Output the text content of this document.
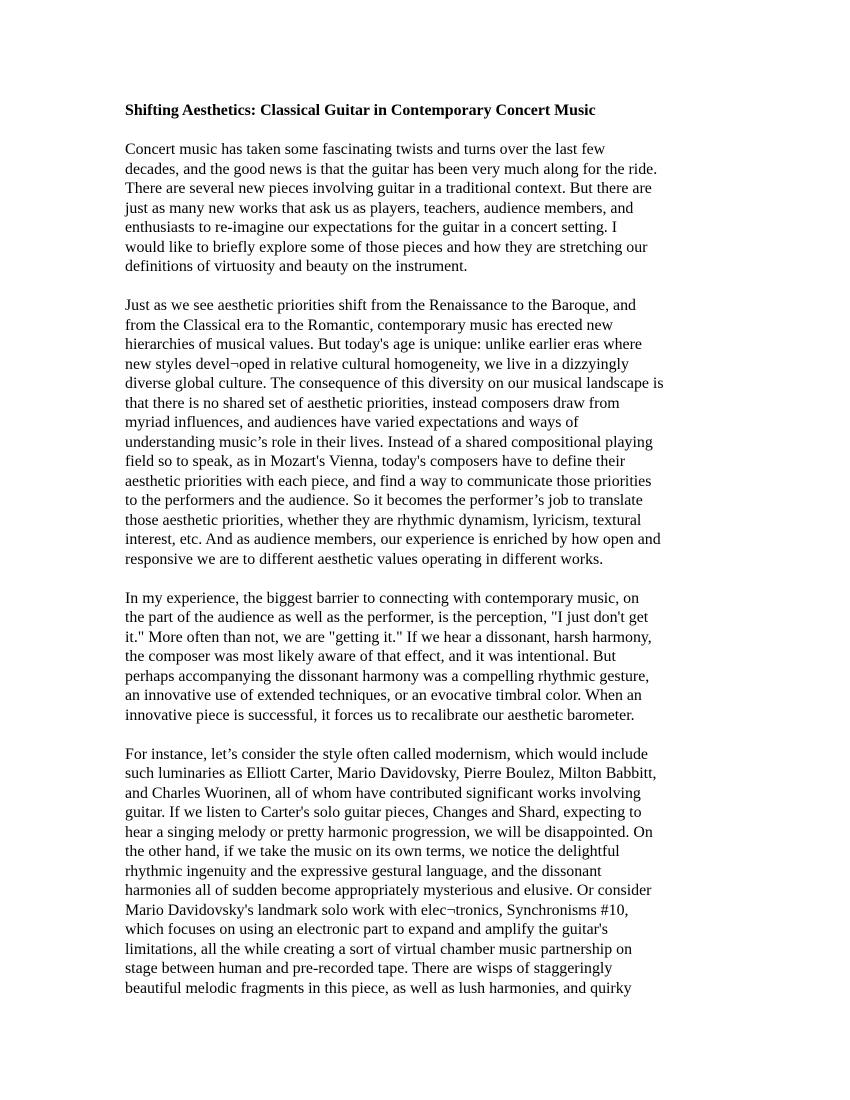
Shifting Aesthetics: Classical Guitar in Contemporary Concert Music
Concert music has taken some fascinating twists and turns over the last few
decades, and the good news is that the guitar has been very much along for the ride.
There are several new pieces involving guitar in a traditional context. But there are
just as many new works that ask us as players, teachers, audience members, and
enthusiasts to re-imagine our expectations for the guitar in a concert setting. I
would like to briefly explore some of those pieces and how they are stretching our
definitions of virtuosity and beauty on the instrument.
Just as we see aesthetic priorities shift from the Renaissance to the Baroque, and
from the Classical era to the Romantic, contemporary music has erected new
hierarchies of musical values. But today's age is unique: unlike earlier eras where
new styles devel¬oped in relative cultural homogeneity, we live in a dizzyingly
diverse global culture. The consequence of this diversity on our musical landscape is
that there is no shared set of aesthetic priorities, instead composers draw from
myriad influences, and audiences have varied expectations and ways of
understanding music’s role in their lives. Instead of a shared compositional playing
field so to speak, as in Mozart's Vienna, today's composers have to define their
aesthetic priorities with each piece, and find a way to communicate those priorities
to the performers and the audience. So it becomes the performer’s job to translate
those aesthetic priorities, whether they are rhythmic dynamism, lyricism, textural
interest, etc. And as audience members, our experience is enriched by how open and
responsive we are to different aesthetic values operating in different works.
In my experience, the biggest barrier to connecting with contemporary music, on
the part of the audience as well as the performer, is the perception, "I just don't get
it." More often than not, we are "getting it." If we hear a dissonant, harsh harmony,
the composer was most likely aware of that effect, and it was intentional. But
perhaps accompanying the dissonant harmony was a compelling rhythmic gesture,
an innovative use of extended techniques, or an evocative timbral color. When an
innovative piece is successful, it forces us to recalibrate our aesthetic barometer.
For instance, let’s consider the style often called modernism, which would include
such luminaries as Elliott Carter, Mario Davidovsky, Pierre Boulez, Milton Babbitt,
and Charles Wuorinen, all of whom have contributed significant works involving
guitar. If we listen to Carter's solo guitar pieces, Changes and Shard, expecting to
hear a singing melody or pretty harmonic progression, we will be disappointed. On
the other hand, if we take the music on its own terms, we notice the delightful
rhythmic ingenuity and the expressive gestural language, and the dissonant
harmonies all of sudden become appropriately mysterious and elusive. Or consider
Mario Davidovsky's landmark solo work with elec¬tronics, Synchronisms #10,
which focuses on using an electronic part to expand and amplify the guitar's
limitations, all the while creating a sort of virtual chamber music partnership on
stage between human and pre-recorded tape. There are wisps of staggeringly
beautiful melodic fragments in this piece, as well as lush harmonies, and quirky
